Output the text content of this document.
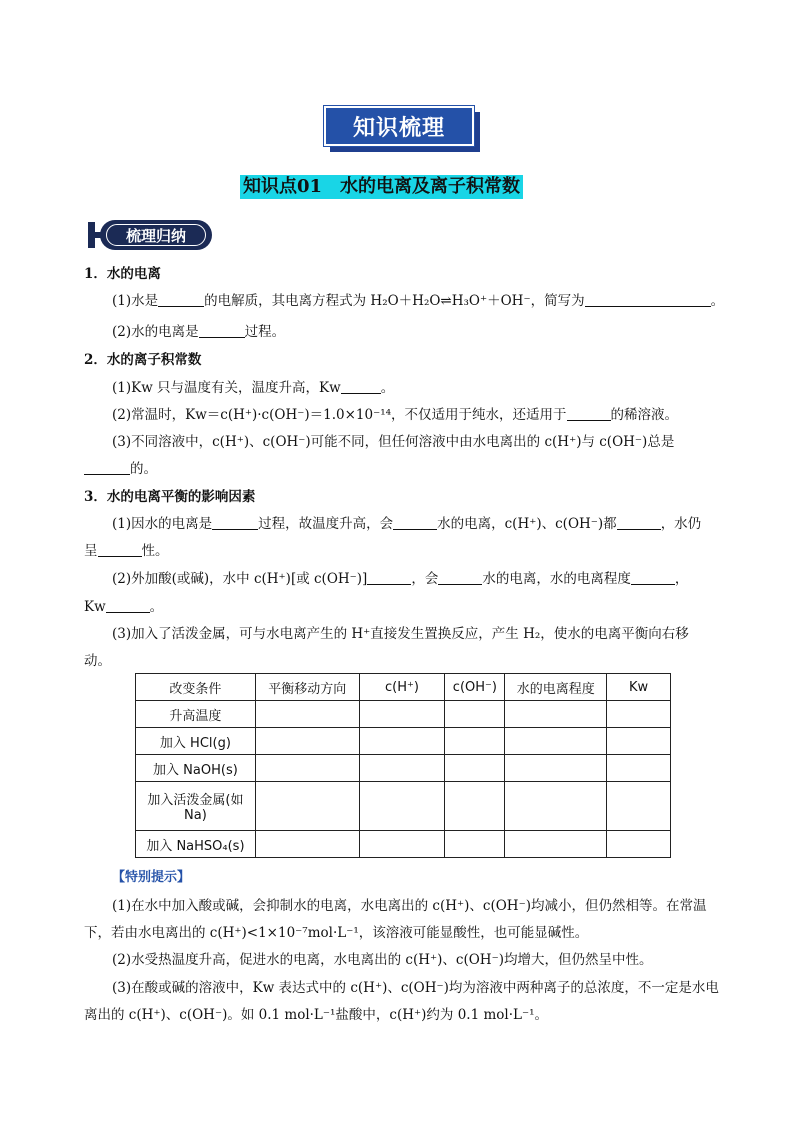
知识梳理
知识点01　水的电离及离子积常数
梳理归纳
1．水的电离
(1)水是	的电解质，其电离方程式为 H₂O＋H₂O⇌H₃O⁺＋OH⁻，简写为	。
(2)水的电离是	过程。
2．水的离子积常数
(1)Kw 只与温度有关，温度升高，Kw	。
(2)常温时，Kw＝c(H⁺)·c(OH⁻)＝1.0×10⁻¹⁴，不仅适用于纯水，还适用于	的稀溶液。
(3)不同溶液中，c(H⁺)、c(OH⁻)可能不同，但任何溶液中由水电离出的 c(H⁺)与 c(OH⁻)总是
的。
3．水的电离平衡的影响因素
(1)因水的电离是	过程，故温度升高，会	水的电离，c(H⁺)、c(OH⁻)都	，水仍
呈	性。
(2)外加酸(或碱)，水中 c(H⁺)[或 c(OH⁻)]	，会	水的电离，水的电离程度	，
Kw	。
(3)加入了活泼金属，可与水电离产生的 H⁺直接发生置换反应，产生 H₂，使水的电离平衡向右移
动。
改变条件	平衡移动方向	c(H⁺)	c(OH⁻)	水的电离程度	Kw
升高温度					
加入 HCl(g)					
加入 NaOH(s)					
加入活泼金属(如 Na)					
加入 NaHSO₄(s)					
【特别提示】
(1)在水中加入酸或碱，会抑制水的电离，水电离出的 c(H⁺)、c(OH⁻)均减小，但仍然相等。在常温
下，若由水电离出的 c(H⁺)<1×10⁻⁷mol·L⁻¹，该溶液可能显酸性，也可能显碱性。
(2)水受热温度升高，促进水的电离，水电离出的 c(H⁺)、c(OH⁻)均增大，但仍然呈中性。
(3)在酸或碱的溶液中，Kw 表达式中的 c(H⁺)、c(OH⁻)均为溶液中两种离子的总浓度，不一定是水电
离出的 c(H⁺)、c(OH⁻)。如 0.1 mol·L⁻¹盐酸中，c(H⁺)约为 0.1 mol·L⁻¹。
